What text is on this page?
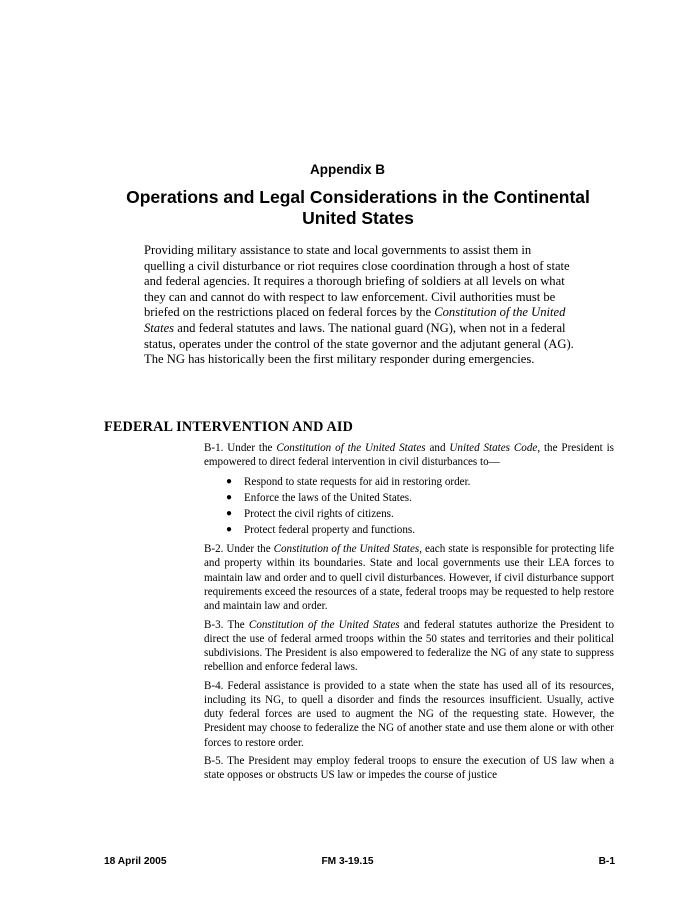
Appendix B
Operations and Legal Considerations in the Continental United States

Providing military assistance to state and local governments to assist them in quelling a civil disturbance or riot requires close coordination through a host of state and federal agencies. It requires a thorough briefing of soldiers at all levels on what they can and cannot do with respect to law enforcement. Civil authorities must be briefed on the restrictions placed on federal forces by the Constitution of the United States and federal statutes and laws. The national guard (NG), when not in a federal status, operates under the control of the state governor and the adjutant general (AG). The NG has historically been the first military responder during emergencies.

FEDERAL INTERVENTION AND AID

B-1. Under the Constitution of the United States and United States Code, the President is empowered to direct federal intervention in civil disturbances to—

● Respond to state requests for aid in restoring order.
● Enforce the laws of the United States.
● Protect the civil rights of citizens.
● Protect federal property and functions.

B-2. Under the Constitution of the United States, each state is responsible for protecting life and property within its boundaries. State and local governments use their LEA forces to maintain law and order and to quell civil disturbances. However, if civil disturbance support requirements exceed the resources of a state, federal troops may be requested to help restore and maintain law and order.

B-3. The Constitution of the United States and federal statutes authorize the President to direct the use of federal armed troops within the 50 states and territories and their political subdivisions. The President is also empowered to federalize the NG of any state to suppress rebellion and enforce federal laws.

B-4. Federal assistance is provided to a state when the state has used all of its resources, including its NG, to quell a disorder and finds the resources insufficient. Usually, active duty federal forces are used to augment the NG of the requesting state. However, the President may choose to federalize the NG of another state and use them alone or with other forces to restore order.

B-5. The President may employ federal troops to ensure the execution of US law when a state opposes or obstructs US law or impedes the course of justice

18 April 2005	FM 3-19.15	B-1
